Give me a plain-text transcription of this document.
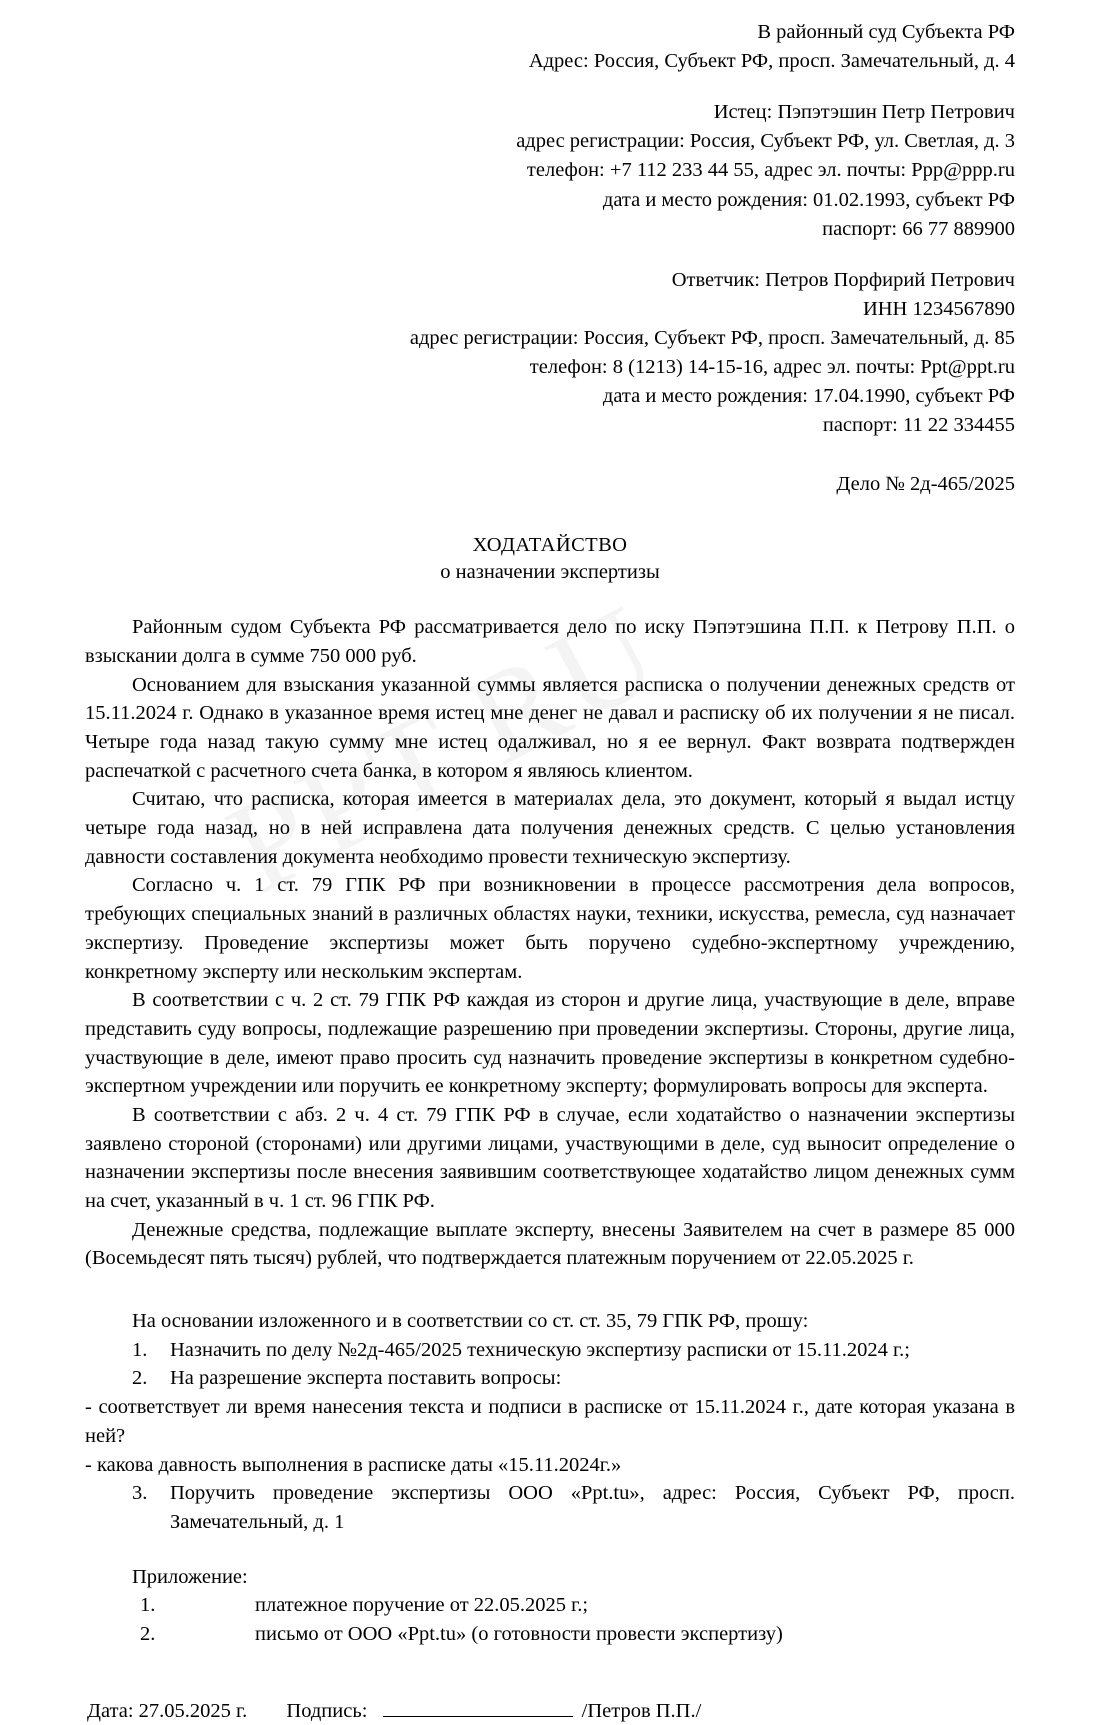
В районный суд Субъекта РФ
Адрес: Россия, Субъект РФ, просп. Замечательный, д. 4
Истец: Пэпэтэшин Петр Петрович
адрес регистрации: Россия, Субъект РФ, ул. Светлая, д. 3
телефон: +7 112 233 44 55, адрес эл. почты: Ppp@ppp.ru
дата и место рождения: 01.02.1993, субъект РФ
паспорт: 66 77 889900
Ответчик: Петров Порфирий Петрович
ИНН 1234567890
адрес регистрации: Россия, Субъект РФ, просп. Замечательный, д. 85
телефон: 8 (1213) 14-15-16, адрес эл. почты: Ppt@ppt.ru
дата и место рождения: 17.04.1990, субъект РФ
паспорт: 11 22 334455
Дело № 2д-465/2025
ХОДАТАЙСТВО
о назначении экспертизы

Районным судом Субъекта РФ рассматривается дело по иску Пэпэтэшина П.П. к Петрову П.П. о взыскании долга в сумме 750 000 руб.

Основанием для взыскания указанной суммы является расписка о получении денежных средств от 15.11.2024 г. Однако в указанное время истец мне денег не давал и расписку об их получении я не писал. Четыре года назад такую сумму мне истец одалживал, но я ее вернул. Факт возврата подтвержден распечаткой с расчетного счета банка, в котором я являюсь клиентом.

Считаю, что расписка, которая имеется в материалах дела, это документ, который я выдал истцу четыре года назад, но в ней исправлена дата получения денежных средств. С целью установления давности составления документа необходимо провести техническую экспертизу.

Согласно ч. 1 ст. 79 ГПК РФ при возникновении в процессе рассмотрения дела вопросов, требующих специальных знаний в различных областях науки, техники, искусства, ремесла, суд назначает экспертизу. Проведение экспертизы может быть поручено судебно-экспертному учреждению, конкретному эксперту или нескольким экспертам.

В соответствии с ч. 2 ст. 79 ГПК РФ каждая из сторон и другие лица, участвующие в деле, вправе представить суду вопросы, подлежащие разрешению при проведении экспертизы. Стороны, другие лица, участвующие в деле, имеют право просить суд назначить проведение экспертизы в конкретном судебно-экспертном учреждении или поручить ее конкретному эксперту; формулировать вопросы для эксперта.

В соответствии с абз. 2 ч. 4 ст. 79 ГПК РФ в случае, если ходатайство о назначении экспертизы заявлено стороной (сторонами) или другими лицами, участвующими в деле, суд выносит определение о назначении экспертизы после внесения заявившим соответствующее ходатайство лицом денежных сумм на счет, указанный в ч. 1 ст. 96 ГПК РФ.

Денежные средства, подлежащие выплате эксперту, внесены Заявителем на счет в размере 85 000 (Восемьдесят пять тысяч) рублей, что подтверждается платежным поручением от 22.05.2025 г.

На основании изложенного и в соответствии со ст. ст. 35, 79 ГПК РФ, прошу:

1.	Назначить по делу №2д-465/2025 техническую экспертизу расписки от 15.11.2024 г.;
2.	На разрешение эксперта поставить вопросы:

- соответствует ли время нанесения текста и подписи в расписке от 15.11.2024 г., дате которая указана в ней?

- какова давность выполнения в расписке даты «15.11.2024г.»

3.	Поручить проведение экспертизы ООО «Ppt.tu», адрес: Россия, Субъект РФ, просп. Замечательный, д. 1

Приложение:

1.	платежное поручение от 22.05.2025 г.;
2.	письмо от ООО «Ppt.tu» (о готовности провести экспертизу)
Дата: 27.05.2025 г. Подпись:	/Петров П.П./
